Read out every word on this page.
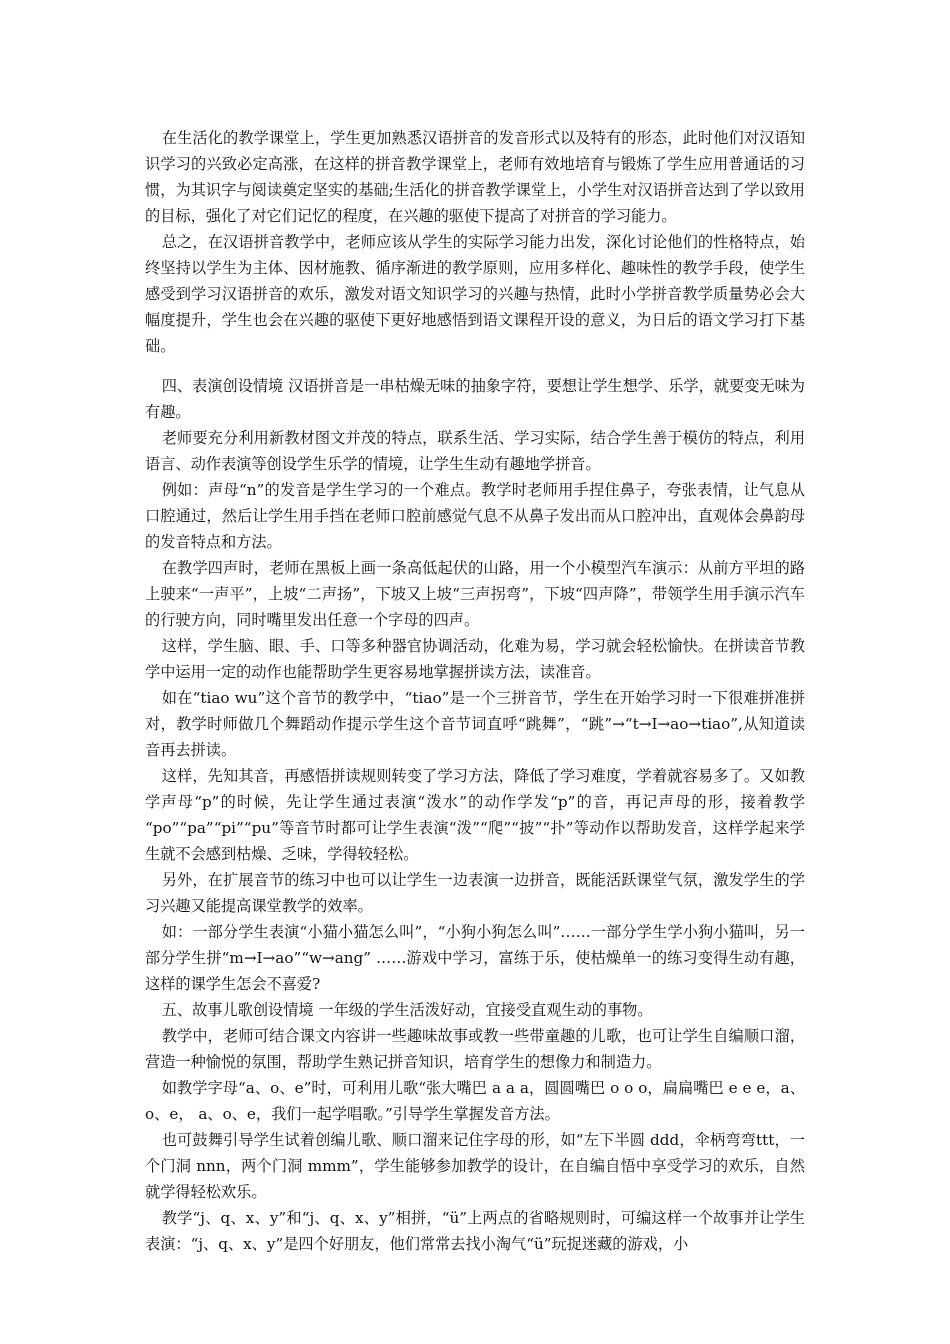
在生活化的教学课堂上，学生更加熟悉汉语拼音的发音形式以及特有的形态，此时他们对汉语知识学习的兴致必定高涨，在这样的拼音教学课堂上，老师有效地培育与锻炼了学生应用普通话的习惯，为其识字与阅读奠定坚实的基础;生活化的拼音教学课堂上，小学生对汉语拼音达到了学以致用的目标，强化了对它们记忆的程度，在兴趣的驱使下提高了对拼音的学习能力。

总之，在汉语拼音教学中，老师应该从学生的实际学习能力出发，深化讨论他们的性格特点，始终坚持以学生为主体、因材施教、循序渐进的教学原则，应用多样化、趣味性的教学手段，使学生感受到学习汉语拼音的欢乐，激发对语文知识学习的兴趣与热情，此时小学拼音教学质量势必会大幅度提升，学生也会在兴趣的驱使下更好地感悟到语文课程开设的意义，为日后的语文学习打下基础。

四、表演创设情境 汉语拼音是一串枯燥无味的抽象字符，要想让学生想学、乐学，就要变无味为有趣。

老师要充分利用新教材图文并茂的特点，联系生活、学习实际，结合学生善于模仿的特点，利用语言、动作表演等创设学生乐学的情境，让学生生动有趣地学拼音。

例如：声母“n”的发音是学生学习的一个难点。教学时老师用手捏住鼻子，夸张表情，让气息从口腔通过，然后让学生用手挡在老师口腔前感觉气息不从鼻子发出而从口腔冲出，直观体会鼻韵母的发音特点和方法。

在教学四声时，老师在黑板上画一条高低起伏的山路，用一个小模型汽车演示：从前方平坦的路上驶来“一声平”，上坡“二声扬”，下坡又上坡“三声拐弯”，下坡“四声降”，带领学生用手演示汽车的行驶方向，同时嘴里发出任意一个字母的四声。

这样，学生脑、眼、手、口等多种器官协调活动，化难为易，学习就会轻松愉快。在拼读音节教学中运用一定的动作也能帮助学生更容易地掌握拼读方法，读准音。

如在“tiao wu”这个音节的教学中，“tiao”是一个三拼音节，学生在开始学习时一下很难拼准拼对，教学时师做几个舞蹈动作提示学生这个音节词直呼“跳舞”，“跳”→“t→I→ao→tiao”,从知道读音再去拼读。

这样，先知其音，再感悟拼读规则转变了学习方法，降低了学习难度，学着就容易多了。又如教学声母“p”的时候，先让学生通过表演“泼水”的动作学发“p”的音，再记声母的形，接着教学 “po”“pa”“pi”“pu”等音节时都可让学生表演“泼”“爬”“披”“扑”等动作以帮助发音，这样学起来学生就不会感到枯燥、乏味，学得较轻松。

另外，在扩展音节的练习中也可以让学生一边表演一边拼音，既能活跃课堂气氛，激发学生的学习兴趣又能提高课堂教学的效率。

如：一部分学生表演“小猫小猫怎么叫”，“小狗小狗怎么叫”……一部分学生学小狗小猫叫，另一部分学生拼“m→I→ao”“w→ang” ……游戏中学习，富练于乐，使枯燥单一的练习变得生动有趣，这样的课学生怎会不喜爱?

五、故事儿歌创设情境 一年级的学生活泼好动，宜接受直观生动的事物。

教学中，老师可结合课文内容讲一些趣味故事或教一些带童趣的儿歌，也可让学生自编顺口溜，营造一种愉悦的氛围，帮助学生熟记拼音知识，培育学生的想像力和制造力。

如教学字母“a、o、e”时，可利用儿歌“张大嘴巴 a a a，圆圆嘴巴 o o o，扁扁嘴巴 e e e，a、o、e， a、o、e，我们一起学唱歌。”引导学生掌握发音方法。

也可鼓舞引导学生试着创编儿歌、顺口溜来记住字母的形，如“左下半圆 ddd，伞柄弯弯ttt，一个门洞 nnn，两个门洞 mmm”，学生能够参加教学的设计，在自编自悟中享受学习的欢乐，自然就学得轻松欢乐。

教学“j、q、x、y”和“j、q、x、y”相拼，“ü”上两点的省略规则时，可编这样一个故事并让学生表演：“j、q、x、y”是四个好朋友，他们常常去找小淘气“ü”玩捉迷藏的游戏，小
